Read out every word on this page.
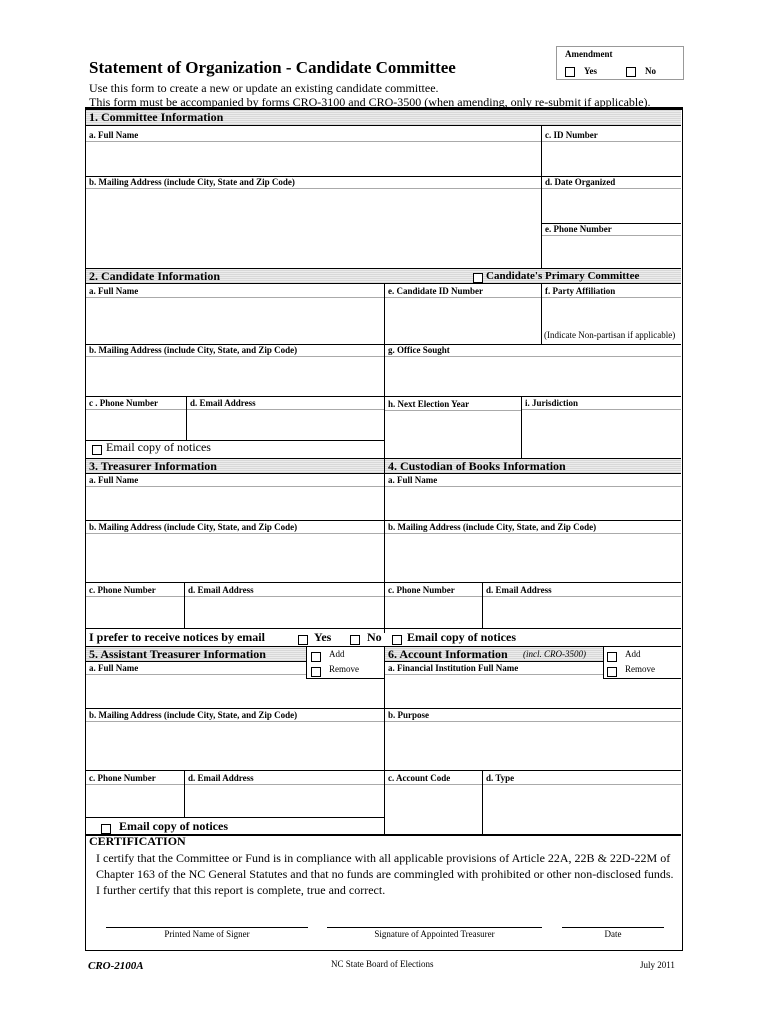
Statement of Organization - Candidate Committee
Use this form to create a new or update an existing candidate committee.
This form must be accompanied by forms CRO-3100 and CRO-3500 (when amending, only re-submit if applicable).
Amendment
Yes	No
1. Committee Information
a. Full Name
b. Mailing Address (include City, State and Zip Code)
c. ID Number
d. Date Organized
e. Phone Number
2. Candidate Information	Candidate's Primary Committee
a. Full Name	e. Candidate ID Number	f. Party Affiliation
(Indicate Non-partisan if applicable)
b. Mailing Address (include City, State, and Zip Code)	g. Office Sought
c . Phone Number	d. Email Address	h. Next Election Year	i. Jurisdiction
Email copy of notices
3. Treasurer Information	4. Custodian of Books Information
a. Full Name	a. Full Name
b. Mailing Address (include City, State, and Zip Code)	b. Mailing Address (include City, State, and Zip Code)
c. Phone Number	d. Email Address	c. Phone Number	d. Email Address
I prefer to receive notices by email	Yes	No Email copy of notices
5. Assistant Treasurer Information	Add
Remove
6. Account Information (incl. CRO-3500)	Add
Remove
a. Full Name	a. Financial Institution Full Name
b. Mailing Address (include City, State, and Zip Code)	b. Purpose
c. Phone Number	d. Email Address	c. Account Code	d. Type
Email copy of notices
CERTIFICATION
I certify that the Committee or Fund is in compliance with all applicable provisions of Article 22A, 22B & 22D-22M of
Chapter 163 of the NC General Statutes and that no funds are commingled with prohibited or other non-disclosed funds.
I further certify that this report is complete, true and correct.
Printed Name of Signer	Signature of Appointed Treasurer	Date
CRO-2100A	NC State Board of Elections	July 2011
